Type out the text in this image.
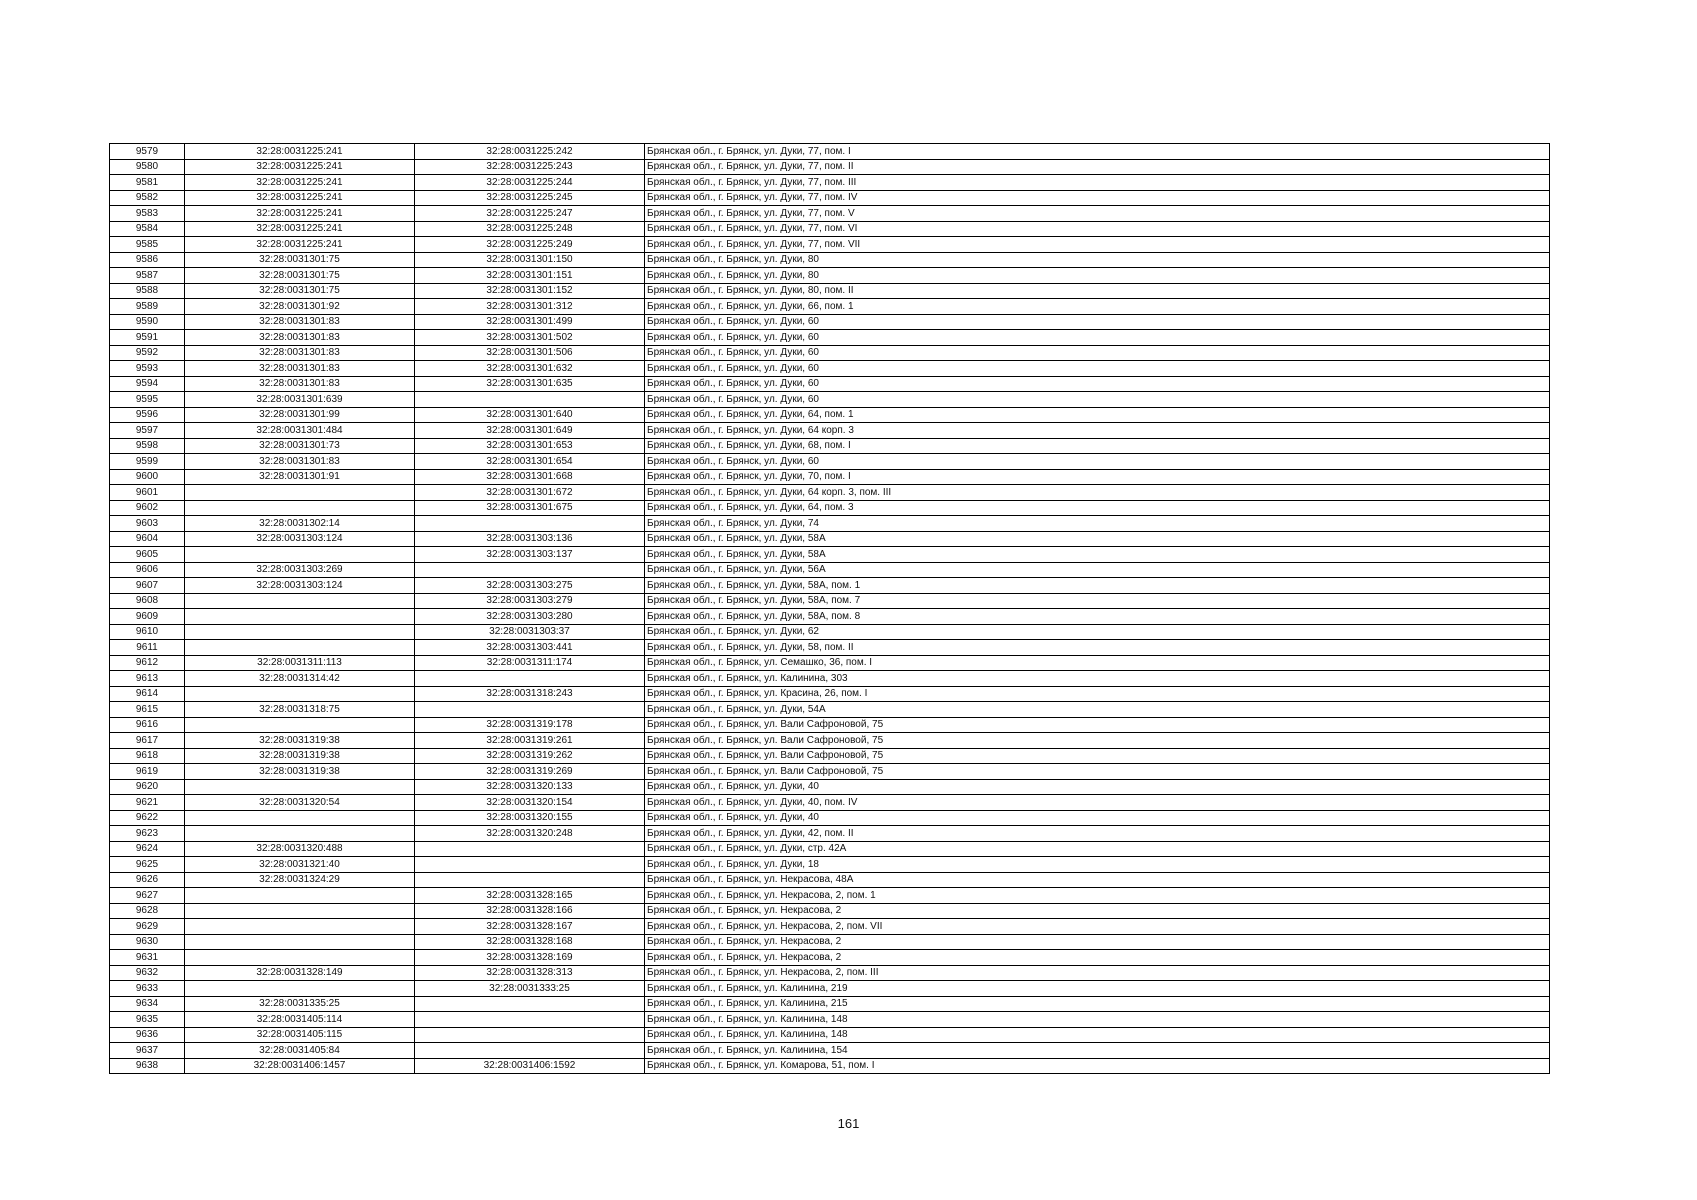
9579	32:28:0031225:241	32:28:0031225:242	Брянская обл., г. Брянск, ул. Дуки, 77, пом. I
9580	32:28:0031225:241	32:28:0031225:243	Брянская обл., г. Брянск, ул. Дуки, 77, пом. II
9581	32:28:0031225:241	32:28:0031225:244	Брянская обл., г. Брянск, ул. Дуки, 77, пом. III
9582	32:28:0031225:241	32:28:0031225:245	Брянская обл., г. Брянск, ул. Дуки, 77, пом. IV
9583	32:28:0031225:241	32:28:0031225:247	Брянская обл., г. Брянск, ул. Дуки, 77, пом. V
9584	32:28:0031225:241	32:28:0031225:248	Брянская обл., г. Брянск, ул. Дуки, 77, пом. VI
9585	32:28:0031225:241	32:28:0031225:249	Брянская обл., г. Брянск, ул. Дуки, 77, пом. VII
9586	32:28:0031301:75	32:28:0031301:150	Брянская обл., г. Брянск, ул. Дуки, 80
9587	32:28:0031301:75	32:28:0031301:151	Брянская обл., г. Брянск, ул. Дуки, 80
9588	32:28:0031301:75	32:28:0031301:152	Брянская обл., г. Брянск, ул. Дуки, 80, пом. II
9589	32:28:0031301:92	32:28:0031301:312	Брянская обл., г. Брянск, ул. Дуки, 66, пом. 1
9590	32:28:0031301:83	32:28:0031301:499	Брянская обл., г. Брянск, ул. Дуки, 60
9591	32:28:0031301:83	32:28:0031301:502	Брянская обл., г. Брянск, ул. Дуки, 60
9592	32:28:0031301:83	32:28:0031301:506	Брянская обл., г. Брянск, ул. Дуки, 60
9593	32:28:0031301:83	32:28:0031301:632	Брянская обл., г. Брянск, ул. Дуки, 60
9594	32:28:0031301:83	32:28:0031301:635	Брянская обл., г. Брянск, ул. Дуки, 60
9595	32:28:0031301:639		Брянская обл., г. Брянск, ул. Дуки, 60
9596	32:28:0031301:99	32:28:0031301:640	Брянская обл., г. Брянск, ул. Дуки, 64, пом. 1
9597	32:28:0031301:484	32:28:0031301:649	Брянская обл., г. Брянск, ул. Дуки, 64 корп. 3
9598	32:28:0031301:73	32:28:0031301:653	Брянская обл., г. Брянск, ул. Дуки, 68, пом. I
9599	32:28:0031301:83	32:28:0031301:654	Брянская обл., г. Брянск, ул. Дуки, 60
9600	32:28:0031301:91	32:28:0031301:668	Брянская обл., г. Брянск, ул. Дуки, 70, пом. I
9601		32:28:0031301:672	Брянская обл., г. Брянск, ул. Дуки, 64 корп. 3, пом. III
9602		32:28:0031301:675	Брянская обл., г. Брянск, ул. Дуки, 64, пом. 3
9603	32:28:0031302:14		Брянская обл., г. Брянск, ул. Дуки, 74
9604	32:28:0031303:124	32:28:0031303:136	Брянская обл., г. Брянск, ул. Дуки, 58А
9605		32:28:0031303:137	Брянская обл., г. Брянск, ул. Дуки, 58А
9606	32:28:0031303:269		Брянская обл., г. Брянск, ул. Дуки, 56А
9607	32:28:0031303:124	32:28:0031303:275	Брянская обл., г. Брянск, ул. Дуки, 58А, пом. 1
9608		32:28:0031303:279	Брянская обл., г. Брянск, ул. Дуки, 58А, пом. 7
9609		32:28:0031303:280	Брянская обл., г. Брянск, ул. Дуки, 58А, пом. 8
9610		32:28:0031303:37	Брянская обл., г. Брянск, ул. Дуки, 62
9611		32:28:0031303:441	Брянская обл., г. Брянск, ул. Дуки, 58, пом. II
9612	32:28:0031311:113	32:28:0031311:174	Брянская обл., г. Брянск, ул. Семашко, 36, пом. I
9613	32:28:0031314:42		Брянская обл., г. Брянск, ул. Калинина, 303
9614		32:28:0031318:243	Брянская обл., г. Брянск, ул. Красина, 26, пом. I
9615	32:28:0031318:75		Брянская обл., г. Брянск, ул. Дуки, 54А
9616		32:28:0031319:178	Брянская обл., г. Брянск, ул. Вали Сафроновой, 75
9617	32:28:0031319:38	32:28:0031319:261	Брянская обл., г. Брянск, ул. Вали Сафроновой, 75
9618	32:28:0031319:38	32:28:0031319:262	Брянская обл., г. Брянск, ул. Вали Сафроновой, 75
9619	32:28:0031319:38	32:28:0031319:269	Брянская обл., г. Брянск, ул. Вали Сафроновой, 75
9620		32:28:0031320:133	Брянская обл., г. Брянск, ул. Дуки, 40
9621	32:28:0031320:54	32:28:0031320:154	Брянская обл., г. Брянск, ул. Дуки, 40, пом. IV
9622		32:28:0031320:155	Брянская обл., г. Брянск, ул. Дуки, 40
9623		32:28:0031320:248	Брянская обл., г. Брянск, ул. Дуки, 42, пом. II
9624	32:28:0031320:488		Брянская обл., г. Брянск, ул. Дуки, стр. 42А
9625	32:28:0031321:40		Брянская обл., г. Брянск, ул. Дуки, 18
9626	32:28:0031324:29		Брянская обл., г. Брянск, ул. Некрасова, 48А
9627		32:28:0031328:165	Брянская обл., г. Брянск, ул. Некрасова, 2, пом. 1
9628		32:28:0031328:166	Брянская обл., г. Брянск, ул. Некрасова, 2
9629		32:28:0031328:167	Брянская обл., г. Брянск, ул. Некрасова, 2, пом. VII
9630		32:28:0031328:168	Брянская обл., г. Брянск, ул. Некрасова, 2
9631		32:28:0031328:169	Брянская обл., г. Брянск, ул. Некрасова, 2
9632	32:28:0031328:149	32:28:0031328:313	Брянская обл., г. Брянск, ул. Некрасова, 2, пом. III
9633		32:28:0031333:25	Брянская обл., г. Брянск, ул. Калинина, 219
9634	32:28:0031335:25		Брянская обл., г. Брянск, ул. Калинина, 215
9635	32:28:0031405:114		Брянская обл., г. Брянск, ул. Калинина, 148
9636	32:28:0031405:115		Брянская обл., г. Брянск, ул. Калинина, 148
9637	32:28:0031405:84		Брянская обл., г. Брянск, ул. Калинина, 154
9638	32:28:0031406:1457	32:28:0031406:1592	Брянская обл., г. Брянск, ул. Комарова, 51, пом. I
161
